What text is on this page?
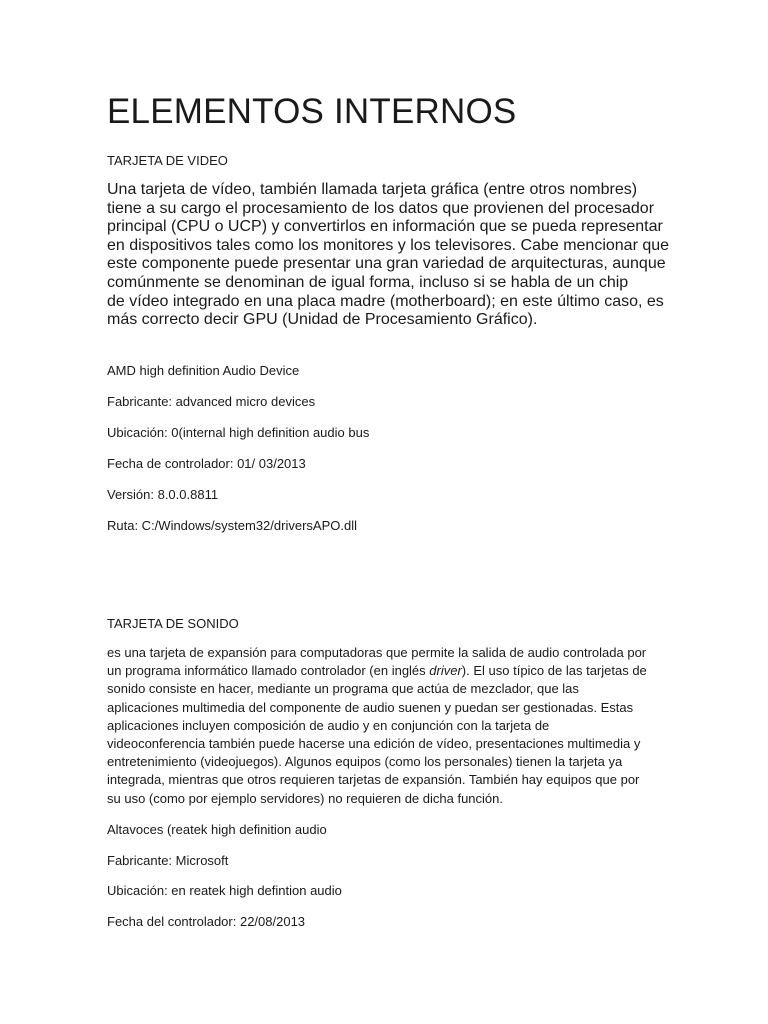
ELEMENTOS INTERNOS

TARJETA DE VIDEO

Una tarjeta de vídeo, también llamada tarjeta gráfica (entre otros nombres)
tiene a su cargo el procesamiento de los datos que provienen del procesador
principal (CPU o UCP) y convertirlos en información que se pueda representar
en dispositivos tales como los monitores y los televisores. Cabe mencionar que
este componente puede presentar una gran variedad de arquitecturas, aunque
comúnmente se denominan de igual forma, incluso si se habla de un chip
de vídeo integrado en una placa madre (motherboard); en este último caso, es
más correcto decir GPU (Unidad de Procesamiento Gráfico).

AMD high definition Audio Device

Fabricante: advanced micro devices

Ubicación: 0(internal high definition audio bus

Fecha de controlador: 01/ 03/2013

Versión: 8.0.0.8811

Ruta: C:/Windows/system32/driversAPO.dll

TARJETA DE SONIDO

es una tarjeta de expansión para computadoras que permite la salida de audio controlada por
un programa informático llamado controlador (en inglés driver). El uso típico de las tarjetas de
sonido consiste en hacer, mediante un programa que actúa de mezclador, que las
aplicaciones multimedia del componente de audio suenen y puedan ser gestionadas. Estas
aplicaciones incluyen composición de audio y en conjunción con la tarjeta de
videoconferencia también puede hacerse una edición de vídeo, presentaciones multimedia y
entretenimiento (videojuegos). Algunos equipos (como los personales) tienen la tarjeta ya
integrada, mientras que otros requieren tarjetas de expansión. También hay equipos que por
su uso (como por ejemplo servidores) no requieren de dicha función.

Altavoces (reatek high definition audio

Fabricante: Microsoft

Ubicación: en reatek high defintion audio

Fecha del controlador: 22/08/2013
